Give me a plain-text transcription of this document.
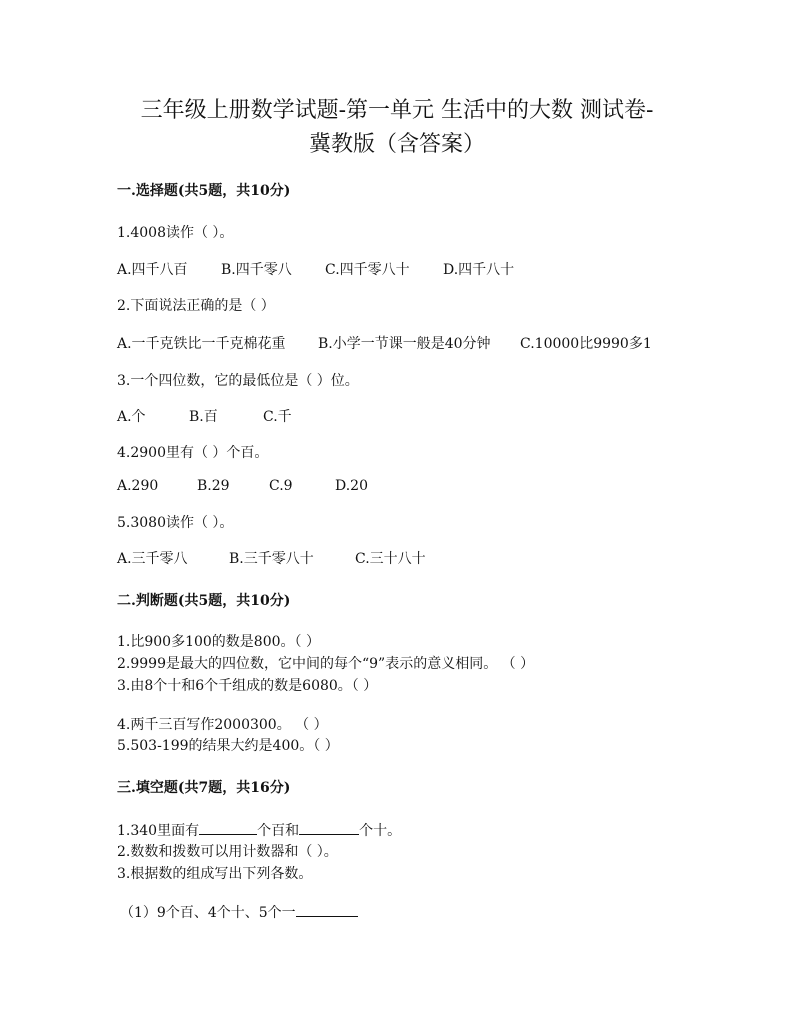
三年级上册数学试题-第一单元 生活中的大数 测试卷-
冀教版（含答案）

一.选择题(共5题，共10分)

1.4008读作（ ）。

A.四千八百 B.四千零八 C.四千零八十 D.四千八十

2.下面说法正确的是（ ）

A.一千克铁比一千克棉花重 B.小学一节课一般是40分钟 C.10000比9990多1

3.一个四位数，它的最低位是（ ）位。

A.个	B.百	C.千

4.2900里有（ ）个百。

A.290	B.29	C.9	D.20

5.3080读作（ ）。

A.三千零八	B.三千零八十	C.三十八十

二.判断题(共5题，共10分)

1.比900多100的数是800。（ ）

2.9999是最大的四位数，它中间的每个“9”表示的意义相同。 （ ）

3.由8个十和6个千组成的数是6080。（ ）

4.两千三百写作2000300。 （ ）

5.503-199的结果大约是400。（ ）

三.填空题(共7题，共16分)

1.340里面有	个百和	个十。

2.数数和拨数可以用计数器和（ ）。

3.根据数的组成写出下列各数。

（1）9个百、4个十、5个一
